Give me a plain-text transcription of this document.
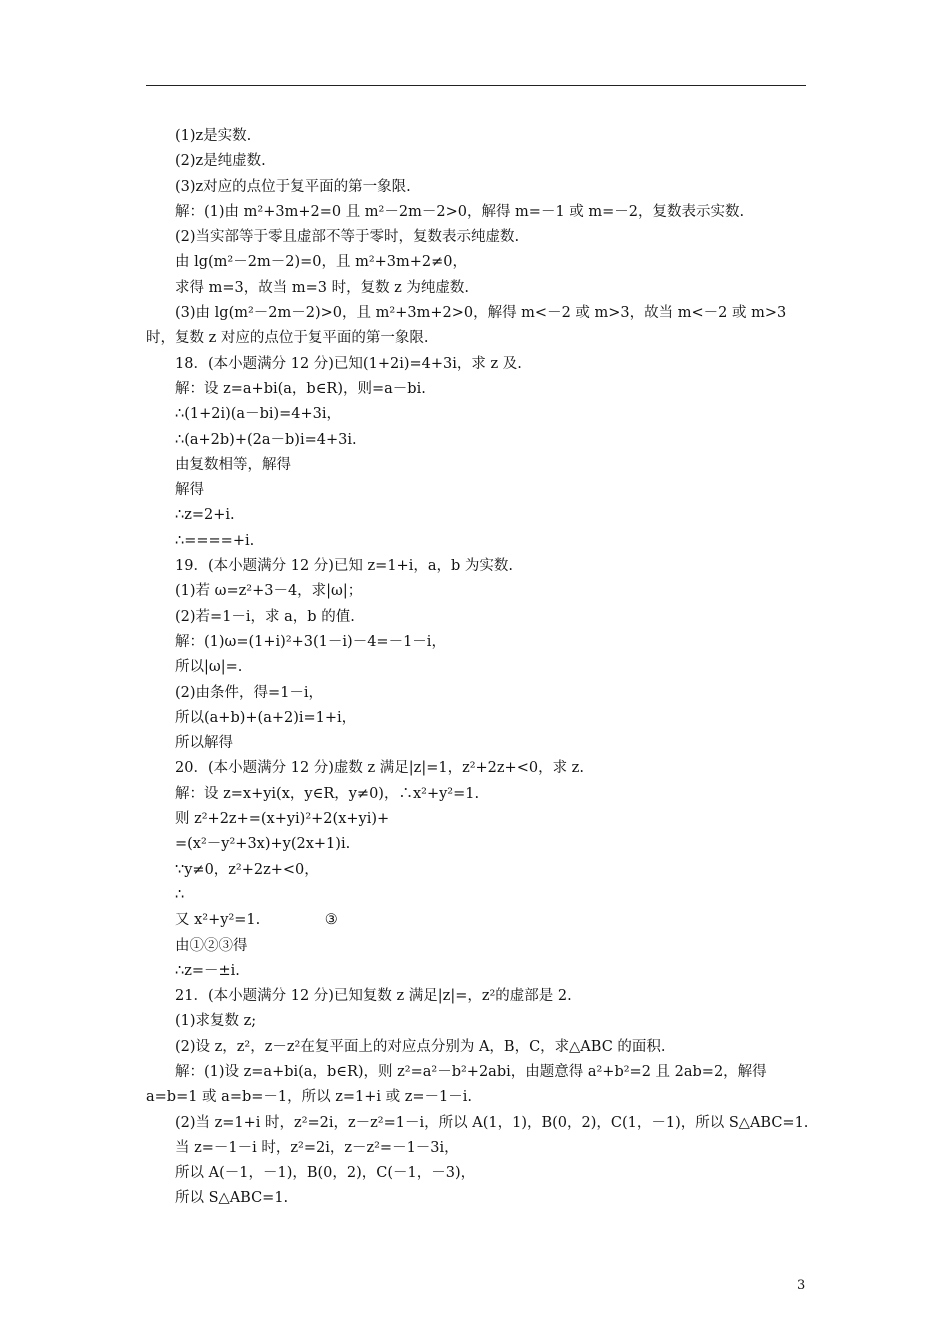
(1)z是实数.
(2)z是纯虚数.
(3)z对应的点位于复平面的第一象限.
解：(1)由 m²+3m+2=0 且 m²－2m－2>0，解得 m=－1 或 m=－2，复数表示实数.
(2)当实部等于零且虚部不等于零时，复数表示纯虚数.
由 lg(m²－2m－2)=0，且 m²+3m+2≠0，
求得 m=3，故当 m=3 时，复数 z 为纯虚数.
(3)由 lg(m²－2m－2)>0，且 m²+3m+2>0，解得 m<－2 或 m>3，故当 m<－2 或 m>3
时，复数 z 对应的点位于复平面的第一象限.
18．(本小题满分 12 分)已知(1+2i)=4+3i，求 z 及.
解：设 z=a+bi(a，b∈R)，则=a－bi.
∴(1+2i)(a－bi)=4+3i，
∴(a+2b)+(2a－b)i=4+3i.
由复数相等，解得
解得
∴z=2+i.
∴====+i.
19．(本小题满分 12 分)已知 z=1+i，a，b 为实数.
(1)若 ω=z²+3－4，求|ω|；
(2)若=1－i，求 a，b 的值.
解：(1)ω=(1+i)²+3(1－i)－4=－1－i，
所以|ω|=.
(2)由条件，得=1－i，
所以(a+b)+(a+2)i=1+i，
所以解得
20．(本小题满分 12 分)虚数 z 满足|z|=1，z²+2z+<0，求 z.
解：设 z=x+yi(x，y∈R，y≠0)，∴x²+y²=1.
则 z²+2z+=(x+yi)²+2(x+yi)+
=(x²－y²+3x)+y(2x+1)i.
∵y≠0，z²+2z+<0，
∴
又 x²+y²=1.              ③
由①②③得
∴z=－±i.
21．(本小题满分 12 分)已知复数 z 满足|z|=，z²的虚部是 2.
(1)求复数 z;
(2)设 z，z²，z－z²在复平面上的对应点分别为 A，B，C，求△ABC 的面积.
解：(1)设 z=a+bi(a，b∈R)，则 z²=a²－b²+2abi，由题意得 a²+b²=2 且 2ab=2，解得
a=b=1 或 a=b=－1，所以 z=1+i 或 z=－1－i.
(2)当 z=1+i 时，z²=2i，z－z²=1－i，所以 A(1，1)，B(0，2)，C(1，－1)，所以 S△ABC=1.
当 z=－1－i 时，z²=2i，z－z²=－1－3i，
所以 A(－1，－1)，B(0，2)，C(－1，－3)，
所以 S△ABC=1.
3
